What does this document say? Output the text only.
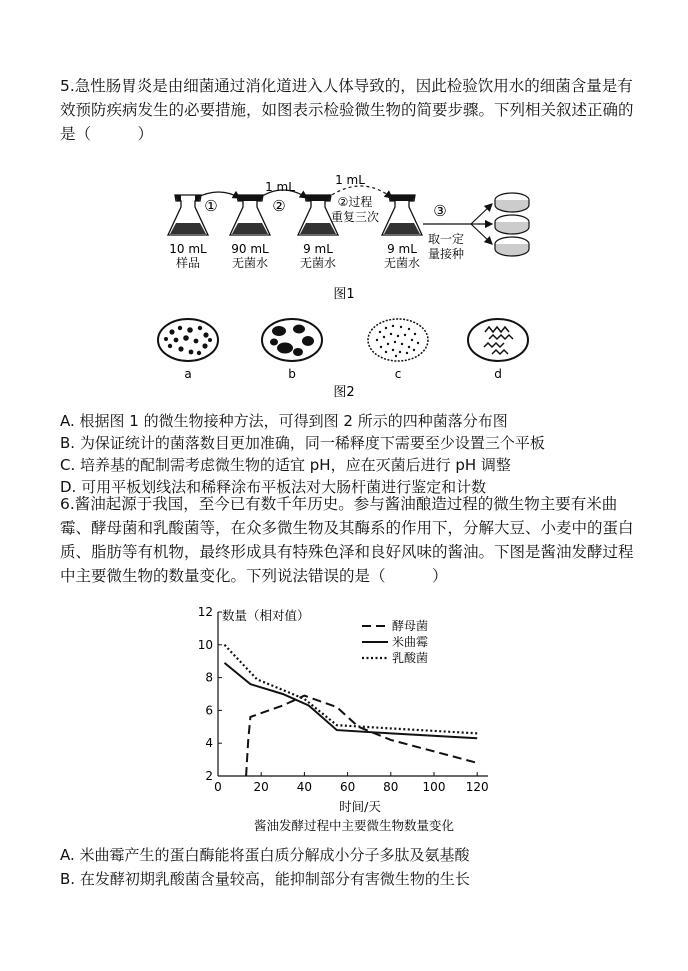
5.急性肠胃炎是由细菌通过消化道进入人体导致的，因此检验饮用水的细菌含量是有效预防疾病发生的必要措施，如图表示检验微生物的简要步骤。下列相关叙述正确的是（　　　）

①
1 mL
②
1 mL
②过程
重复三次
10 mL
样品
90 mL
无菌水
9 mL
无菌水
9 mL
无菌水
③
取一定
量接种
图1
a	b	c	d
图2
A. 根据图 1 的微生物接种方法，可得到图 2 所示的四种菌落分布图
B. 为保证统计的菌落数目更加准确，同一稀释度下需要至少设置三个平板
C. 培养基的配制需考虑微生物的适宜 pH，应在灭菌后进行 pH 调整
D. 可用平板划线法和稀释涂布平板法对大肠杆菌进行鉴定和计数

6.酱油起源于我国，至今已有数千年历史。参与酱油酿造过程的微生物主要有米曲霉、酵母菌和乳酸菌等，在众多微生物及其酶系的作用下，分解大豆、小麦中的蛋白质、脂肪等有机物，最终形成具有特殊色泽和良好风味的酱油。下图是酱油发酵过程中主要微生物的数量变化。下列说法错误的是（　　　）

0	20 40 60 80 100 120
2
4
6
8
10
12
酵母菌
米曲霉
乳酸菌
数量（相对值）
时间/天
酱油发酵过程中主要微生物数量变化
A. 米曲霉产生的蛋白酶能将蛋白质分解成小分子多肽及氨基酸
B. 在发酵初期乳酸菌含量较高，能抑制部分有害微生物的生长
